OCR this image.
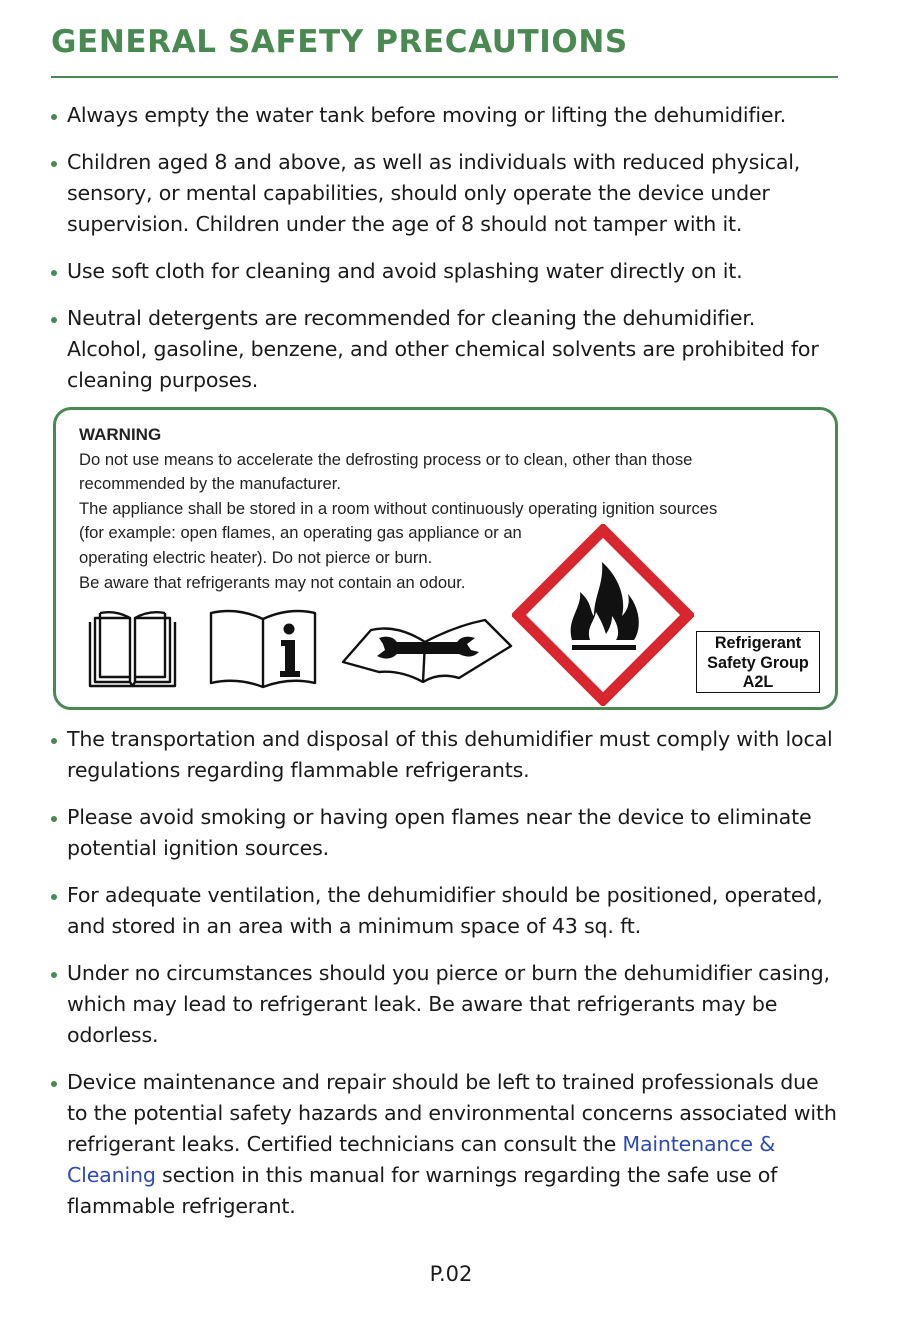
GENERAL SAFETY PRECAUTIONS
Always empty the water tank before moving or lifting the dehumidifier.
Children aged 8 and above, as well as individuals with reduced physical, sensory, or mental capabilities, should only operate the device under supervision. Children under the age of 8 should not tamper with it.
Use soft cloth for cleaning and avoid splashing water directly on it.
Neutral detergents are recommended for cleaning the dehumidifier. Alcohol, gasoline, benzene, and other chemical solvents are prohibited for cleaning purposes.

WARNING
Do not use means to accelerate the defrosting process or to clean, other than those
recommended by the manufacturer.
The appliance shall be stored in a room without continuously operating ignition sources
(for example: open flames, an operating gas appliance or an
operating electric heater). Do not pierce or burn.
Be aware that refrigerants may not contain an odour.

Refrigerant
Safety Group
A2L
The transportation and disposal of this dehumidifier must comply with local regulations regarding flammable refrigerants.
Please avoid smoking or having open flames near the device to eliminate potential ignition sources.
For adequate ventilation, the dehumidifier should be positioned, operated, and stored in an area with a minimum space of 43 sq. ft.
Under no circumstances should you pierce or burn the dehumidifier casing, which may lead to refrigerant leak. Be aware that refrigerants may be odorless.
Device maintenance and repair should be left to trained professionals due to the potential safety hazards and environmental concerns associated with refrigerant leaks. Certified technicians can consult the Maintenance & Cleaning section in this manual for warnings regarding the safe use of flammable refrigerant.
P.02
